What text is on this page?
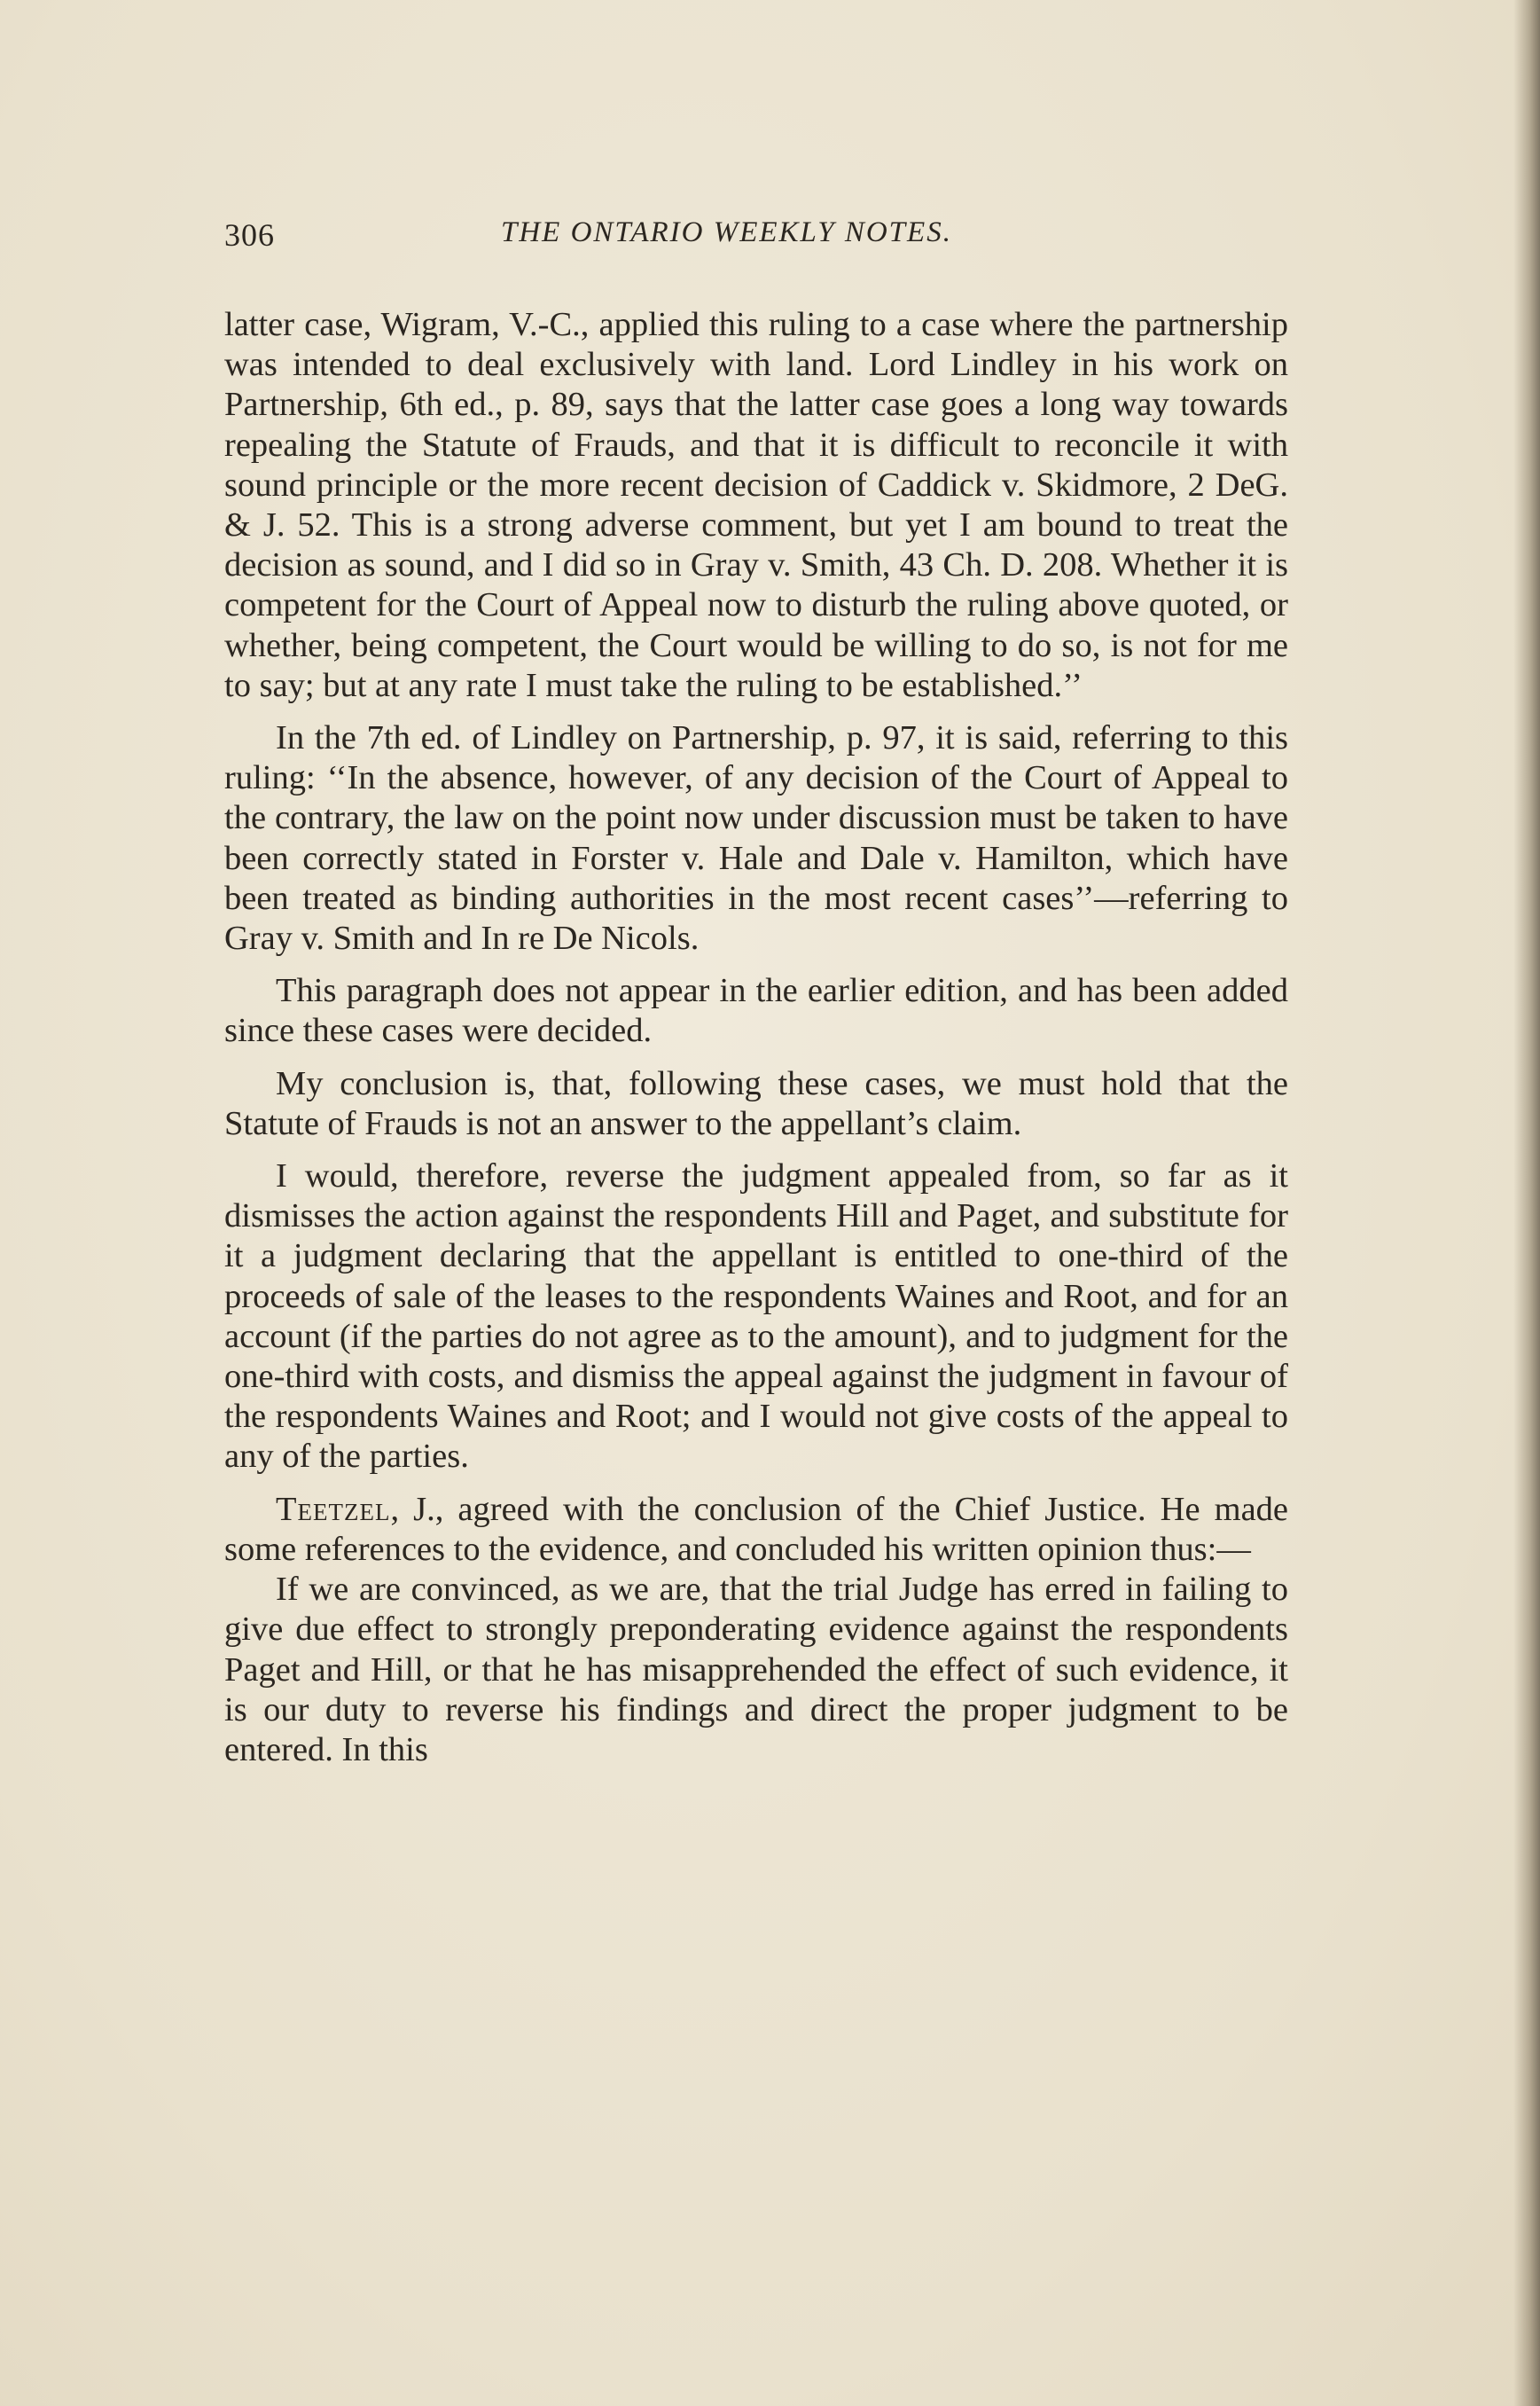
306	THE ONTARIO WEEKLY NOTES.

latter case, Wigram, V.-C., applied this ruling to a case where the partnership was intended to deal exclusively with land. Lord Lindley in his work on Partnership, 6th ed., p. 89, says that the latter case goes a long way towards repealing the Statute of Frauds, and that it is difficult to reconcile it with sound principle or the more recent decision of Caddick v. Skidmore, 2 DeG. & J. 52. This is a strong adverse comment, but yet I am bound to treat the decision as sound, and I did so in Gray v. Smith, 43 Ch. D. 208. Whether it is competent for the Court of Appeal now to disturb the ruling above quoted, or whether, being competent, the Court would be willing to do so, is not for me to say; but at any rate I must take the ruling to be established.’’

In the 7th ed. of Lindley on Partnership, p. 97, it is said, referring to this ruling: ‘‘In the absence, however, of any decision of the Court of Appeal to the contrary, the law on the point now under discussion must be taken to have been correctly stated in Forster v. Hale and Dale v. Hamilton, which have been treated as binding authorities in the most recent cases’’—referring to Gray v. Smith and In re De Nicols.

This paragraph does not appear in the earlier edition, and has been added since these cases were decided.

My conclusion is, that, following these cases, we must hold that the Statute of Frauds is not an answer to the appellant’s claim.

I would, therefore, reverse the judgment appealed from, so far as it dismisses the action against the respondents Hill and Paget, and substitute for it a judgment declaring that the appellant is entitled to one-third of the proceeds of sale of the leases to the respondents Waines and Root, and for an account (if the parties do not agree as to the amount), and to judgment for the one-third with costs, and dismiss the appeal against the judgment in favour of the respondents Waines and Root; and I would not give costs of the appeal to any of the parties.

Teetzel, J., agreed with the conclusion of the Chief Justice. He made some references to the evidence, and concluded his written opinion thus:—

If we are convinced, as we are, that the trial Judge has erred in failing to give due effect to strongly preponderating evidence against the respondents Paget and Hill, or that he has misapprehended the effect of such evidence, it is our duty to reverse his findings and direct the proper judgment to be entered. In this
